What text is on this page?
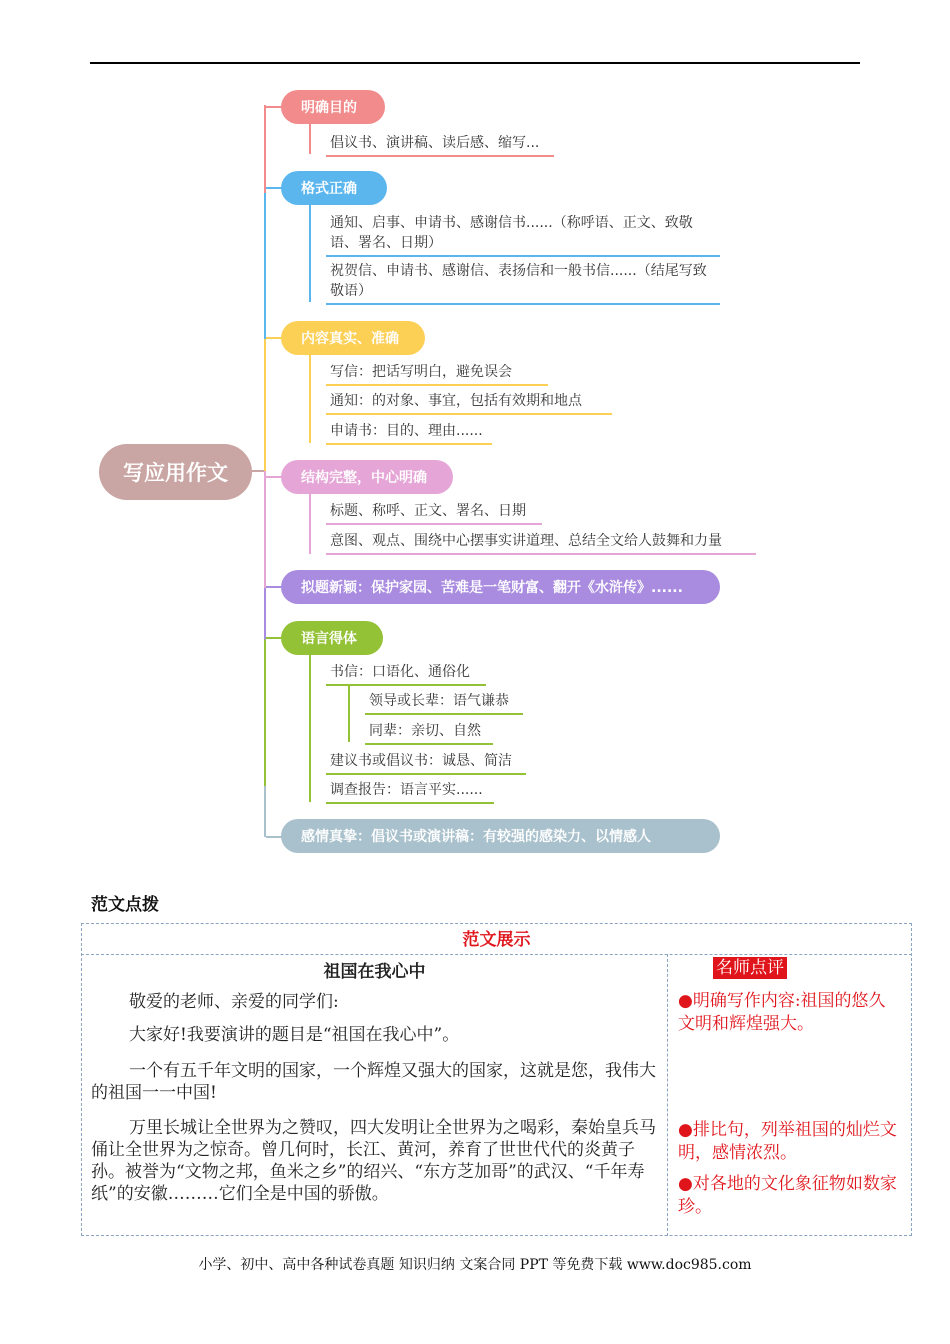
写应用作文
明确目的
倡议书、演讲稿、读后感、缩写...
格式正确
通知、启事、申请书、感谢信书......（称呼语、正文、致敬语、署名、日期）
祝贺信、申请书、感谢信、表扬信和一般书信......（结尾写致敬语）
内容真实、准确
写信：把话写明白，避免误会
通知：的对象、事宜，包括有效期和地点
申请书：目的、理由......
结构完整，中心明确
标题、称呼、正文、署名、日期
意图、观点、围绕中心摆事实讲道理、总结全文给人鼓舞和力量
拟题新颖：保护家园、苦难是一笔财富、翻开《水浒传》......
语言得体
书信：口语化、通俗化
领导或长辈：语气谦恭
同辈：亲切、自然
建议书或倡议书：诚恳、简洁
调查报告：语言平实......
感情真挚：倡议书或演讲稿：有较强的感染力、以情感人
范文点拨
范文展示
祖国在我心中
敬爱的老师、亲爱的同学们:
大家好!我要演讲的题目是“祖国在我心中”。
一个有五千年文明的国家，一个辉煌又强大的国家，这就是您，我伟大的祖国一一中国!
万里长城让全世界为之赞叹，四大发明让全世界为之喝彩，秦始皇兵马俑让全世界为之惊奇。曾几何时，长江、黄河，养育了世世代代的炎黄子孙。被誉为“文物之邦，鱼米之乡”的绍兴、“东方芝加哥”的武汉、“千年寿纸”的安徽………它们全是中国的骄傲。
名师点评
●明确写作内容:祖国的悠久文明和辉煌强大。
●排比句，列举祖国的灿烂文明，感情浓烈。
●对各地的文化象征物如数家珍。
小学、初中、高中各种试卷真题 知识归纳 文案合同 PPT 等免费下载 www.doc985.com
